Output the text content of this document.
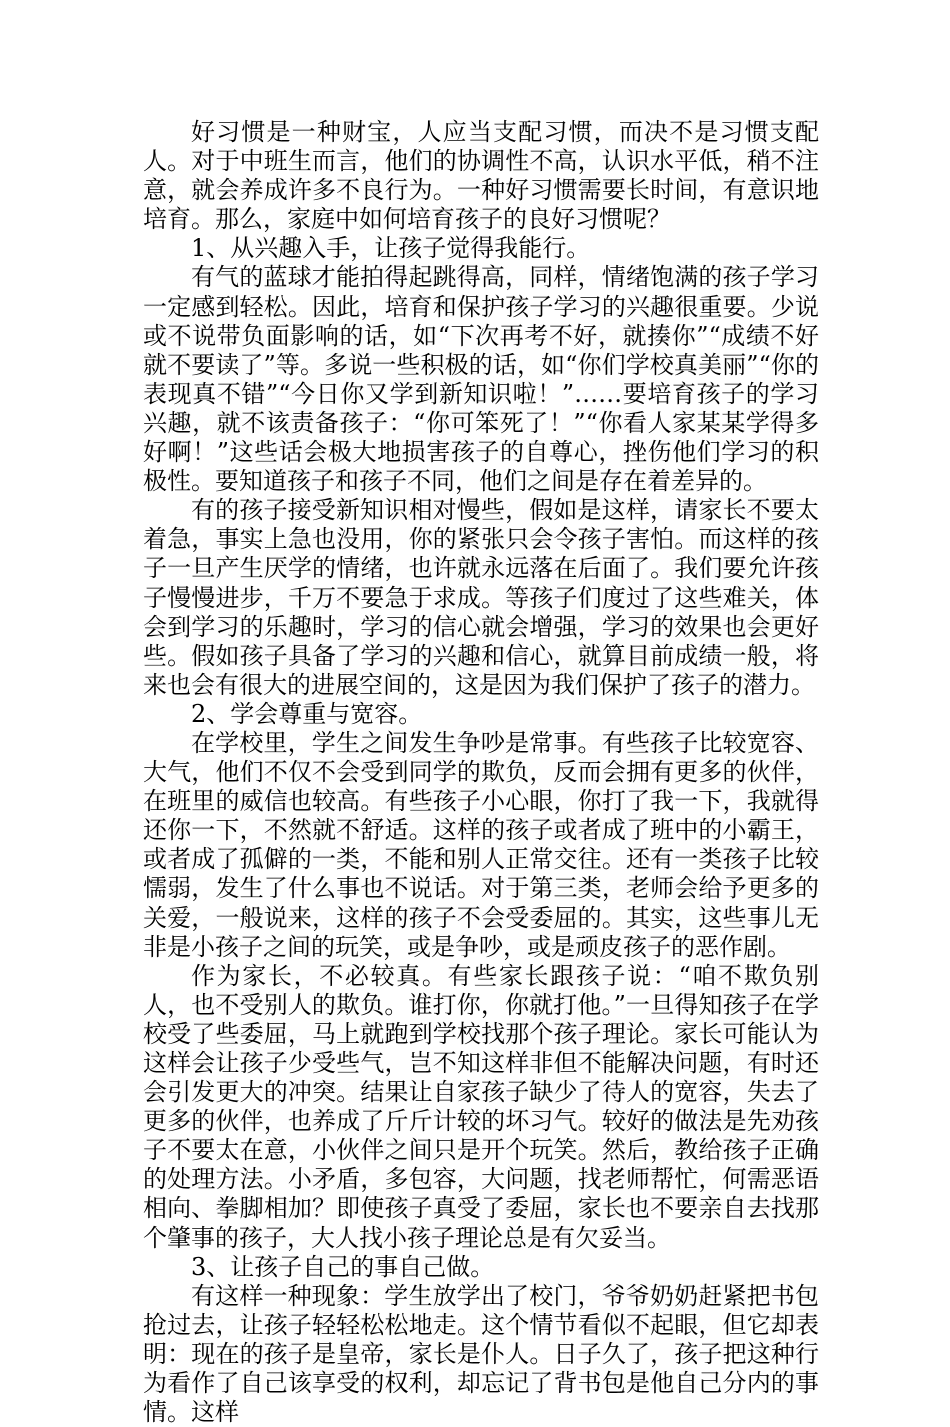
好习惯是一种财宝，人应当支配习惯，而决不是习惯支配人。对于中班生而言，他们的协调性不高，认识水平低，稍不注意，就会养成许多不良行为。一种好习惯需要长时间，有意识地培育。那么，家庭中如何培育孩子的良好习惯呢？

1、从兴趣入手，让孩子觉得我能行。

有气的蓝球才能拍得起跳得高，同样，情绪饱满的孩子学习一定感到轻松。因此，培育和保护孩子学习的兴趣很重要。少说或不说带负面影响的话，如“下次再考不好，就揍你”“成绩不好就不要读了”等。多说一些积极的话，如“你们学校真美丽”“你的表现真不错”“今日你又学到新知识啦！”……要培育孩子的学习兴趣，就不该责备孩子：“你可笨死了！”“你看人家某某学得多好啊！”这些话会极大地损害孩子的自尊心，挫伤他们学习的积极性。要知道孩子和孩子不同，他们之间是存在着差异的。

有的孩子接受新知识相对慢些，假如是这样，请家长不要太着急，事实上急也没用，你的紧张只会令孩子害怕。而这样的孩子一旦产生厌学的情绪，也许就永远落在后面了。我们要允许孩子慢慢进步，千万不要急于求成。等孩子们度过了这些难关，体会到学习的乐趣时，学习的信心就会增强，学习的效果也会更好些。假如孩子具备了学习的兴趣和信心，就算目前成绩一般，将来也会有很大的进展空间的，这是因为我们保护了孩子的潜力。

2、学会尊重与宽容。

在学校里，学生之间发生争吵是常事。有些孩子比较宽容、大气，他们不仅不会受到同学的欺负，反而会拥有更多的伙伴，在班里的威信也较高。有些孩子小心眼，你打了我一下，我就得还你一下，不然就不舒适。这样的孩子或者成了班中的小霸王，或者成了孤僻的一类，不能和别人正常交往。还有一类孩子比较懦弱，发生了什么事也不说话。对于第三类，老师会给予更多的关爱，一般说来，这样的孩子不会受委屈的。其实，这些事儿无非是小孩子之间的玩笑，或是争吵，或是顽皮孩子的恶作剧。

作为家长，不必较真。有些家长跟孩子说：“咱不欺负别人，也不受别人的欺负。谁打你，你就打他。”一旦得知孩子在学校受了些委屈，马上就跑到学校找那个孩子理论。家长可能认为这样会让孩子少受些气，岂不知这样非但不能解决问题，有时还会引发更大的冲突。结果让自家孩子缺少了待人的宽容，失去了更多的伙伴，也养成了斤斤计较的坏习气。较好的做法是先劝孩子不要太在意，小伙伴之间只是开个玩笑。然后，教给孩子正确的处理方法。小矛盾，多包容，大问题，找老师帮忙，何需恶语相向、拳脚相加？即使孩子真受了委屈，家长也不要亲自去找那个肇事的孩子，大人找小孩子理论总是有欠妥当。

3、让孩子自己的事自己做。

有这样一种现象：学生放学出了校门，爷爷奶奶赶紧把书包抢过去，让孩子轻轻松松地走。这个情节看似不起眼，但它却表明：现在的孩子是皇帝，家长是仆人。日子久了，孩子把这种行为看作了自己该享受的权利，却忘记了背书包是他自己分内的事情。这样
